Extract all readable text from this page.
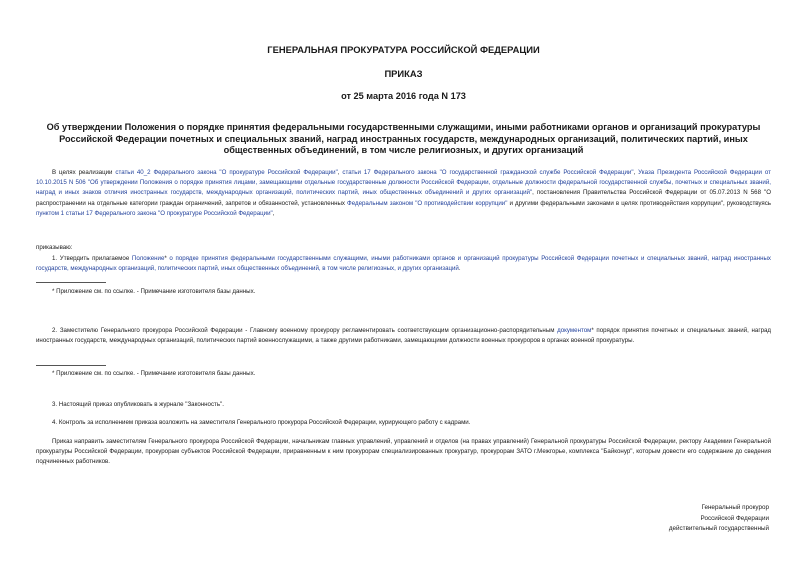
ГЕНЕРАЛЬНАЯ ПРОКУРАТУРА РОССИЙСКОЙ ФЕДЕРАЦИИ
ПРИКАЗ
от 25 марта 2016 года N 173
Об утверждении Положения о порядке принятия федеральными государственными служащими, иными работниками органов и организаций прокуратуры Российской Федерации почетных и специальных званий, наград иностранных государств, международных организаций, политических партий, иных общественных объединений, в том числе религиозных, и других организаций
В целях реализации статьи 40_2 Федерального закона "О прокуратуре Российской Федерации", статьи 17 Федерального закона "О государственной гражданской службе Российской Федерации", Указа Президента Российской Федерации от 10.10.2015 N 506 "Об утверждении Положения о порядке принятия лицами, замещающими отдельные государственные должности Российской Федерации, отдельные должности федеральной государственной службы, почетных и специальных званий, наград и иных знаков отличия иностранных государств, международных организаций, политических партий, иных общественных объединений и других организаций", постановления Правительства Российской Федерации от 05.07.2013 N 568 "О распространении на отдельные категории граждан ограничений, запретов и обязанностей, установленных Федеральным законом "О противодействии коррупции" и другими федеральными законами в целях противодействия коррупции", руководствуясь пунктом 1 статьи 17 Федерального закона "О прокуратуре Российской Федерации",
приказываю:
1. Утвердить прилагаемое Положение* о порядке принятия федеральными государственными служащими, иными работниками органов и организаций прокуратуры Российской Федерации почетных и специальных званий, наград иностранных государств, международных организаций, политических партий, иных общественных объединений, в том числе религиозных, и других организаций.
* Приложение см. по ссылке. - Примечание изготовителя базы данных.
2. Заместителю Генерального прокурора Российской Федерации - Главному военному прокурору регламентировать соответствующим организационно-распорядительным документом* порядок принятия почетных и специальных званий, наград иностранных государств, международных организаций, политических партий военнослужащими, а также другими работниками, замещающими должности военных прокуроров в органах военной прокуратуры.
* Приложение см. по ссылке. - Примечание изготовителя базы данных.
3. Настоящий приказ опубликовать в журнале "Законность".
4. Контроль за исполнением приказа возложить на заместителя Генерального прокурора Российской Федерации, курирующего работу с кадрами.
Приказ направить заместителям Генерального прокурора Российской Федерации, начальникам главных управлений, управлений и отделов (на правах управлений) Генеральной прокуратуры Российской Федерации, ректору Академии Генеральной прокуратуры Российской Федерации, прокурорам субъектов Российской Федерации, приравненным к ним прокурорам специализированных прокуратур, прокурорам ЗАТО г.Межгорье, комплекса "Байконур", которым довести его содержание до сведения подчиненных работников.
Генеральный прокурор
Российской Федерации
действительный государственный
